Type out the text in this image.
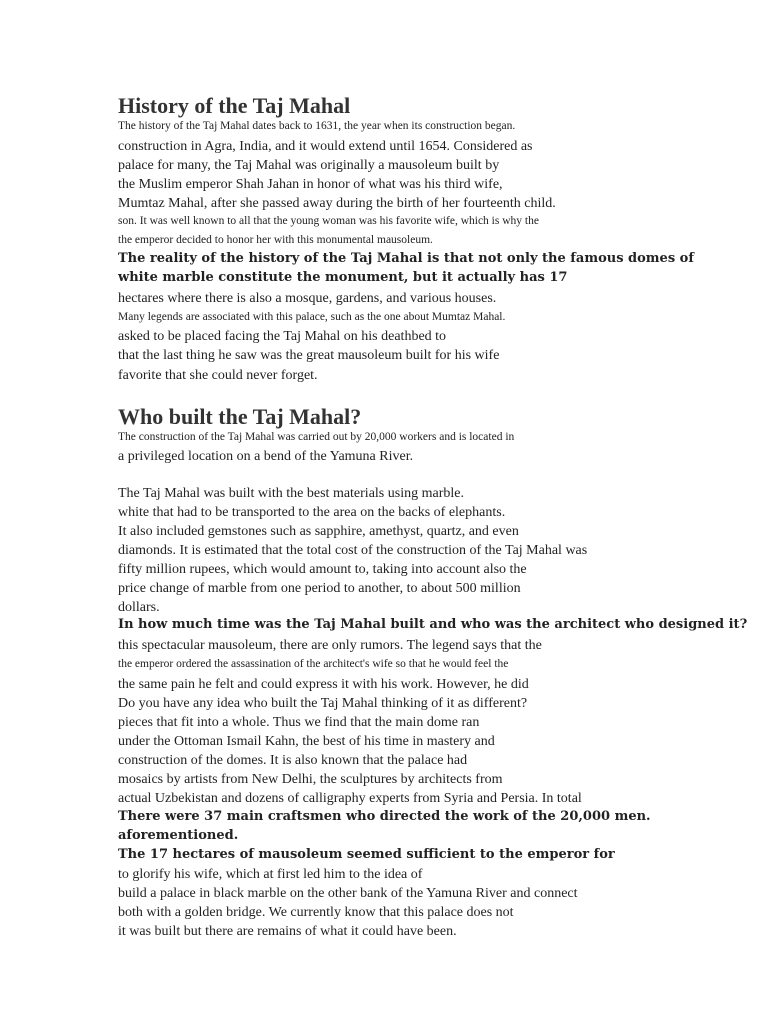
History of the Taj Mahal
The history of the Taj Mahal dates back to 1631, the year when its construction began.
construction in Agra, India, and it would extend until 1654. Considered as
palace for many, the Taj Mahal was originally a mausoleum built by
the Muslim emperor Shah Jahan in honor of what was his third wife,
Mumtaz Mahal, after she passed away during the birth of her fourteenth child.
son. It was well known to all that the young woman was his favorite wife, which is why the
the emperor decided to honor her with this monumental mausoleum.
The reality of the history of the Taj Mahal is that not only the famous domes of
white marble constitute the monument, but it actually has 17
hectares where there is also a mosque, gardens, and various houses.
Many legends are associated with this palace, such as the one about Mumtaz Mahal.
asked to be placed facing the Taj Mahal on his deathbed to
that the last thing he saw was the great mausoleum built for his wife
favorite that she could never forget.
Who built the Taj Mahal?
The construction of the Taj Mahal was carried out by 20,000 workers and is located in
a privileged location on a bend of the Yamuna River.
The Taj Mahal was built with the best materials using marble.
white that had to be transported to the area on the backs of elephants.
It also included gemstones such as sapphire, amethyst, quartz, and even
diamonds. It is estimated that the total cost of the construction of the Taj Mahal was
fifty million rupees, which would amount to, taking into account also the
price change of marble from one period to another, to about 500 million
dollars.
In how much time was the Taj Mahal built and who was the architect who designed it?
this spectacular mausoleum, there are only rumors. The legend says that the
the emperor ordered the assassination of the architect's wife so that he would feel the
the same pain he felt and could express it with his work. However, he did
Do you have any idea who built the Taj Mahal thinking of it as different?
pieces that fit into a whole. Thus we find that the main dome ran
under the Ottoman Ismail Kahn, the best of his time in mastery and
construction of the domes. It is also known that the palace had
mosaics by artists from New Delhi, the sculptures by architects from
actual Uzbekistan and dozens of calligraphy experts from Syria and Persia. In total
There were 37 main craftsmen who directed the work of the 20,000 men.
aforementioned.
The 17 hectares of mausoleum seemed sufficient to the emperor for
to glorify his wife, which at first led him to the idea of
build a palace in black marble on the other bank of the Yamuna River and connect
both with a golden bridge. We currently know that this palace does not
it was built but there are remains of what it could have been.
